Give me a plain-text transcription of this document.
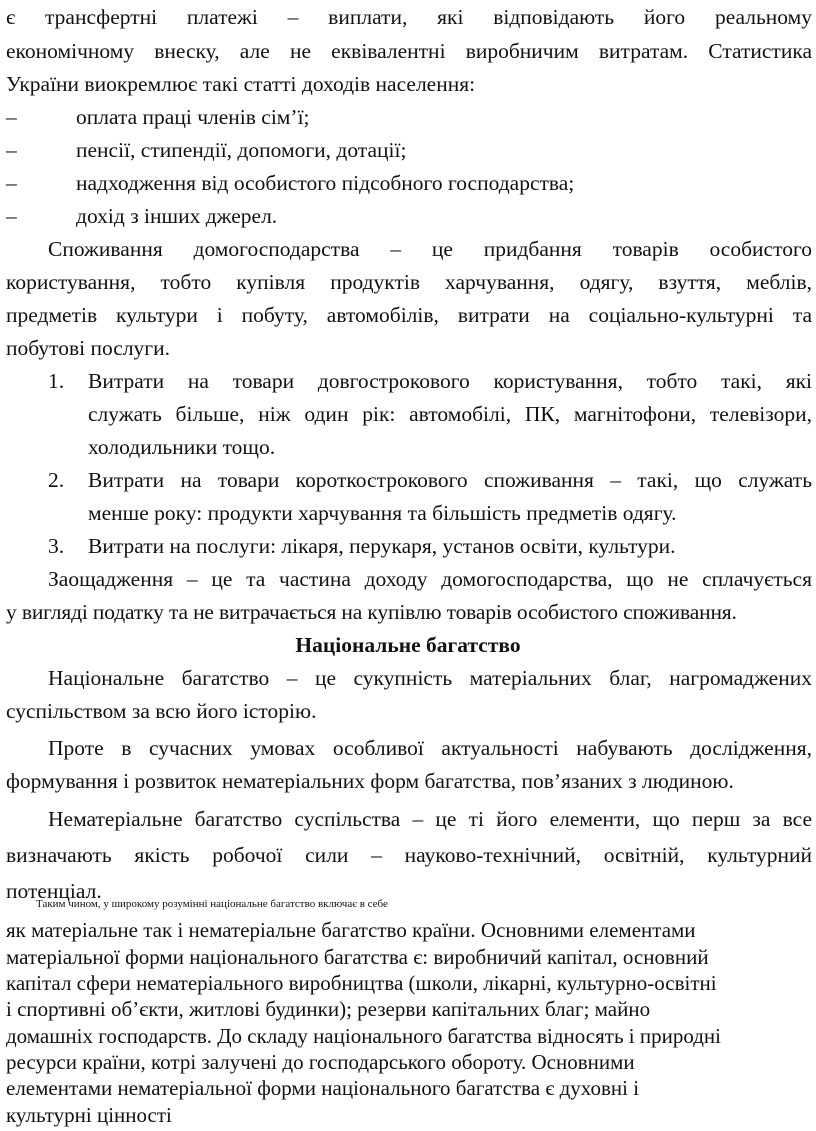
є трансфертні платежі – виплати, які відповідають його реальному
економічному внеску, але не еквівалентні виробничим витратам. Статистика
України виокремлює такі статті доходів населення:
–	оплата праці членів сім’ї;
–	пенсії, стипендії, допомоги, дотації;
–	надходження від особистого підсобного господарства;
–	дохід з інших джерел.
Споживання домогосподарства – це придбання товарів особистого
користування, тобто купівля продуктів харчування, одягу, взуття, меблів,
предметів культури і побуту, автомобілів, витрати на соціально-культурні та
побутові послуги.
1. Витрати на товари довгострокового користування, тобто такі, які
служать більше, ніж один рік: автомобілі, ПК, магнітофони, телевізори,
холодильники тощо.
2. Витрати на товари короткострокового споживання – такі, що служать
менше року: продукти харчування та більшість предметів одягу.
3. Витрати на послуги: лікаря, перукаря, установ освіти, культури.
Заощадження – це та частина доходу домогосподарства, що не сплачується
у вигляді податку та не витрачається на купівлю товарів особистого споживання.
Національне багатство
Національне багатство – це сукупність матеріальних благ, нагромаджених
суспільством за всю його історію.
Проте в сучасних умовах особливої актуальності набувають дослідження,
формування і розвиток нематеріальних форм багатства, пов’язаних з людиною.
Нематеріальне багатство суспільства – це ті його елементи, що перш за все
визначають якість робочої сили – науково-технічний, освітній, культурний
потенціал.
Таким чином, у широкому розумінні національне багатство включає в себе
як матеріальне так і нематеріальне багатство країни. Основними елементами
матеріальної форми національного багатства є: виробничий капітал, основний
капітал сфери нематеріального виробництва (школи, лікарні, культурно-освітні
і спортивні об’єкти, житлові будинки); резерви капітальних благ; майно
домашніх господарств. До складу національного багатства відносять і природні
ресурси країни, котрі залучені до господарського обороту. Основними
елементами нематеріальної форми національного багатства є духовні і
культурні цінності
